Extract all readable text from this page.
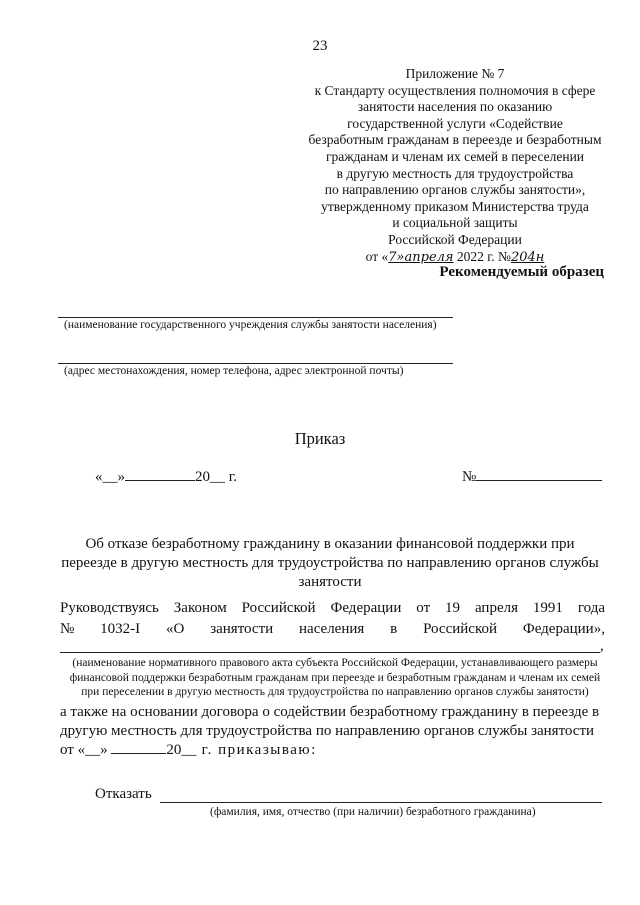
23
Приложение № 7
к Стандарту осуществления полномочия в сфере
занятости населения по оказанию
государственной услуги «Содействие
безработным гражданам в переезде и безработным
гражданам и членам их семей в переселении
в другую местность для трудоустройства
по направлению органов службы занятости»,
утвержденному приказом Министерства труда
и социальной защиты
Российской Федерации
от «7»апреля 2022 г. №204н
Рекомендуемый образец
(наименование государственного учреждения службы занятости населения)
(адрес местонахождения, номер телефона, адрес электронной почты)
Приказ
«__»	20__ г.	№
Об отказе безработному гражданину в оказании финансовой поддержки при переезде в другую местность для трудоустройства по направлению органов службы занятости
Руководствуясь Законом Российской Федерации от 19 апреля 1991 года
№ 1032-I «О занятости населения в Российской Федерации»,
,
(наименование нормативного правового акта субъекта Российской Федерации, устанавливающего размеры
финансовой поддержки безработным гражданам при переезде и безработным гражданам и членам их семей
при переселении в другую местность для трудоустройства по направлению органов службы занятости)
а также на основании договора о содействии безработному гражданину в переезде в другую местность для трудоустройства по направлению органов службы занятости
от «__»	20__ г. приказываю:
Отказать
(фамилия, имя, отчество (при наличии) безработного гражданина)
